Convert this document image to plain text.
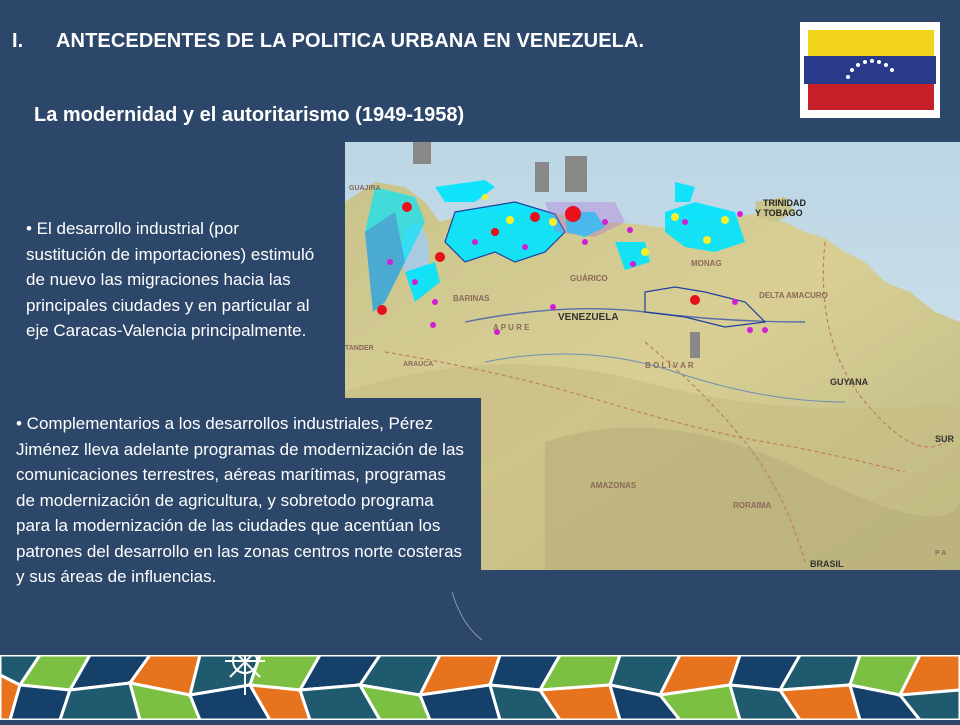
I.	ANTECEDENTES DE LA POLITICA URBANA EN VENEZUELA.
La modernidad y el autoritarismo (1949-1958)
TRINIDAD
Y TOBAGO
VENEZUELA
A P U R E
GUÁRICO
BARINAS
MONAG
DELTA AMACURO
B O L Í V A R
GUYANA
AMAZONAS
RORAIMA
BRASIL
ARAUCA
GUAJIRA
TANDER
SUR
P A
• El desarrollo industrial (por sustitución de importaciones) estimuló de nuevo las migraciones hacia las principales ciudades y en particular al eje Caracas-Valencia principalmente.
• Complementarios a los desarrollos industriales, Pérez Jiménez lleva adelante programas de modernización de las comunicaciones terrestres, aéreas marítimas, programas de modernización de agricultura, y sobretodo programa para la modernización de las ciudades que acentúan los patrones del desarrollo en las zonas centros norte costeras y sus áreas de influencias.
